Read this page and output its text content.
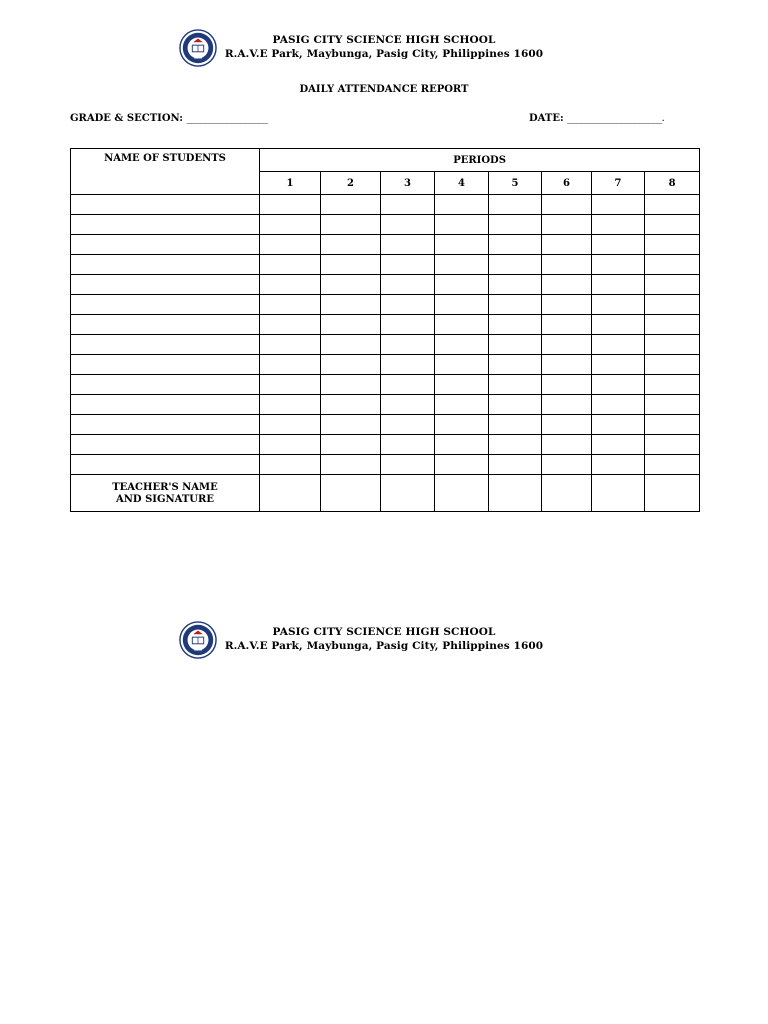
PASIG CITY SCIENCE HIGH SCHOOL
R.A.V.E Park, Maybunga, Pasig City, Philippines 1600
DAILY ATTENDANCE REPORT
GRADE & SECTION: __________________	DATE: _____________________.
NAME OF STUDENTS	PERIODS							
	1	2	3	4	5	6	7	8

TEACHER'S NAME
AND SIGNATURE								

PASIG CITY SCIENCE HIGH SCHOOL
R.A.V.E Park, Maybunga, Pasig City, Philippines 1600
